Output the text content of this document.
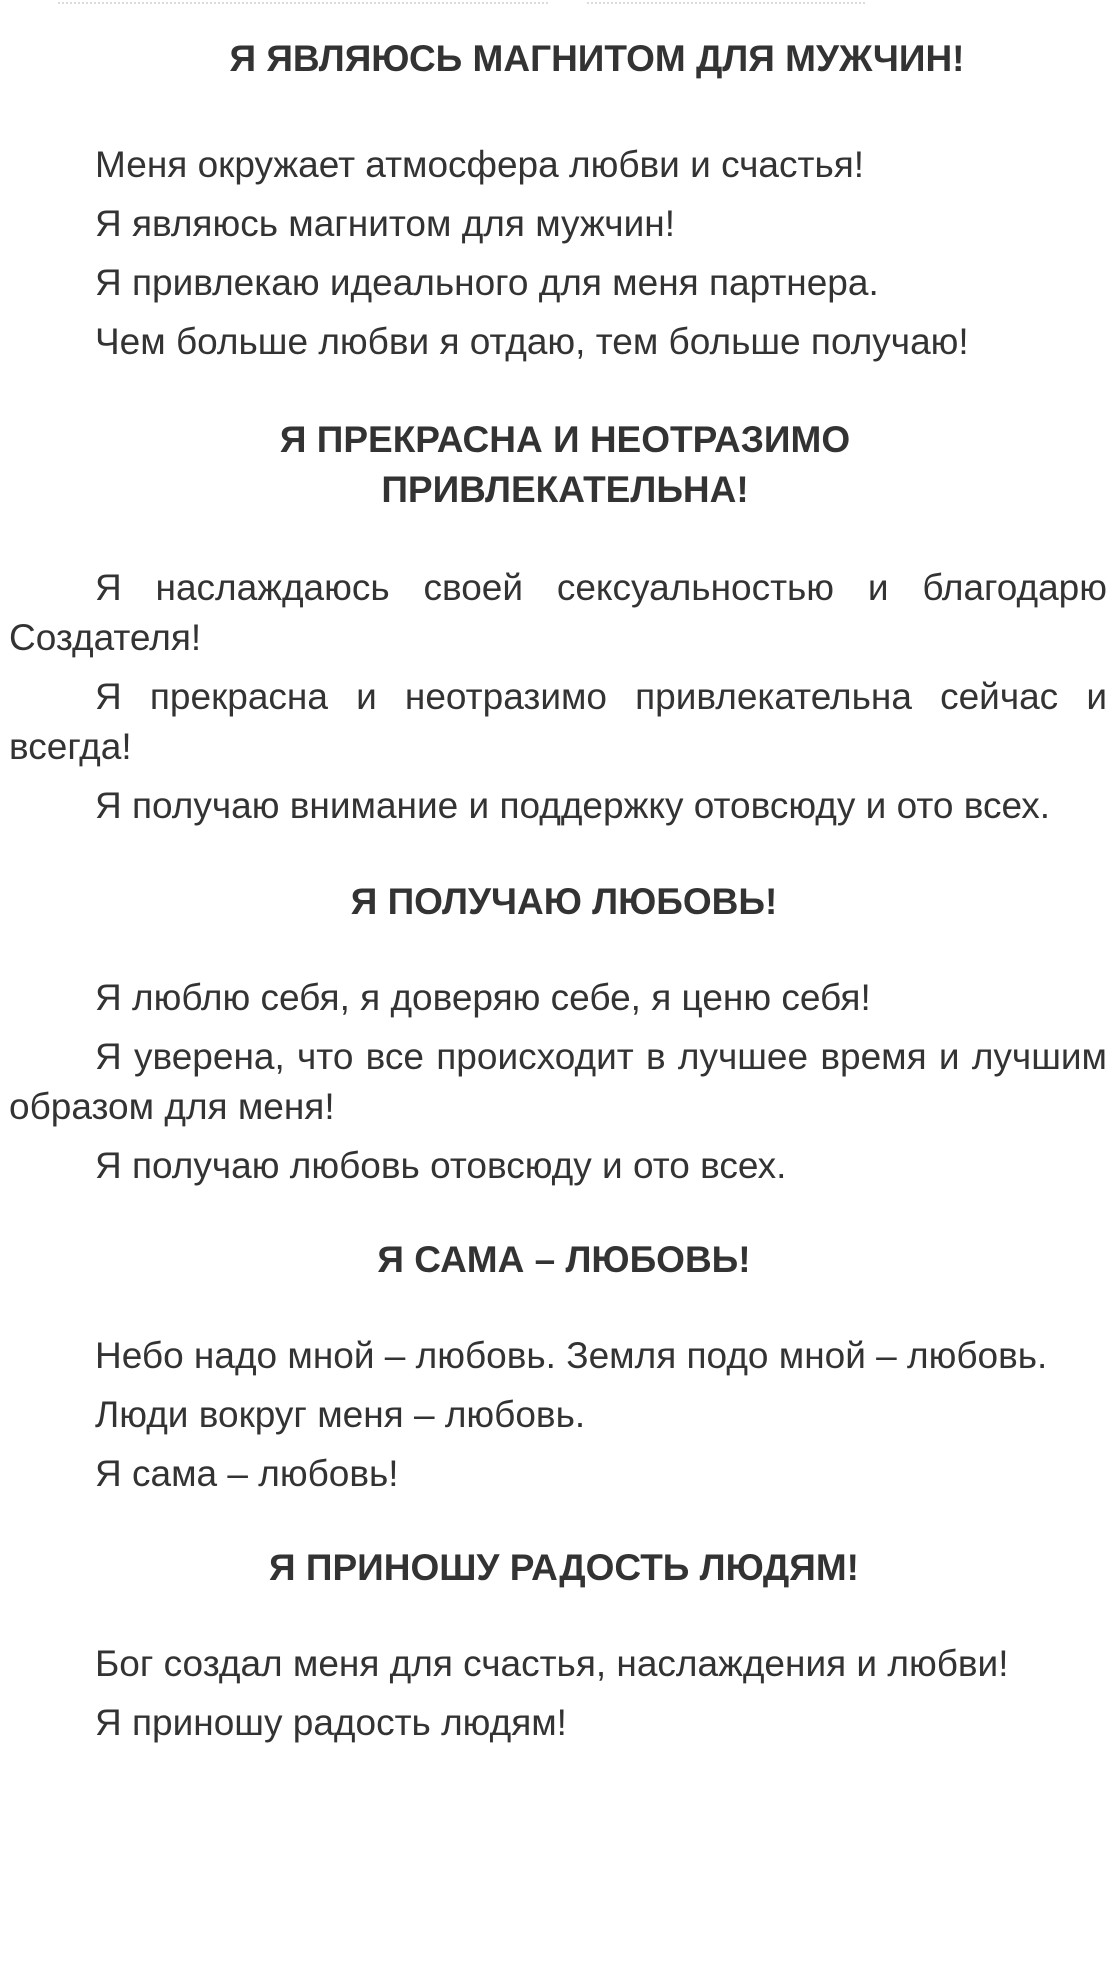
Я ЯВЛЯЮСЬ МАГНИТОМ ДЛЯ МУЖЧИН!

Меня окружает атмосфера любви и счастья!

Я являюсь магнитом для мужчин!

Я привлекаю идеального для меня партнера.

Чем больше любви я отдаю, тем больше получаю!

Я ПРЕКРАСНА И НЕОТРАЗИМО
ПРИВЛЕКАТЕЛЬНА!

Я наслаждаюсь своей сексуальностью и благодарю Создателя!

Я прекрасна и неотразимо привлекательна сейчас и всегда!

Я получаю внимание и поддержку отовсюду и ото всех.

Я ПОЛУЧАЮ ЛЮБОВЬ!

Я люблю себя, я доверяю себе, я ценю себя!

Я уверена, что все происходит в лучшее время и лучшим образом для меня!

Я получаю любовь отовсюду и ото всех.

Я САМА – ЛЮБОВЬ!

Небо надо мной – любовь. Земля подо мной – любовь.

Люди вокруг меня – любовь.

Я сама – любовь!

Я ПРИНОШУ РАДОСТЬ ЛЮДЯМ!

Бог создал меня для счастья, наслаждения и любви!

Я приношу радость людям!
